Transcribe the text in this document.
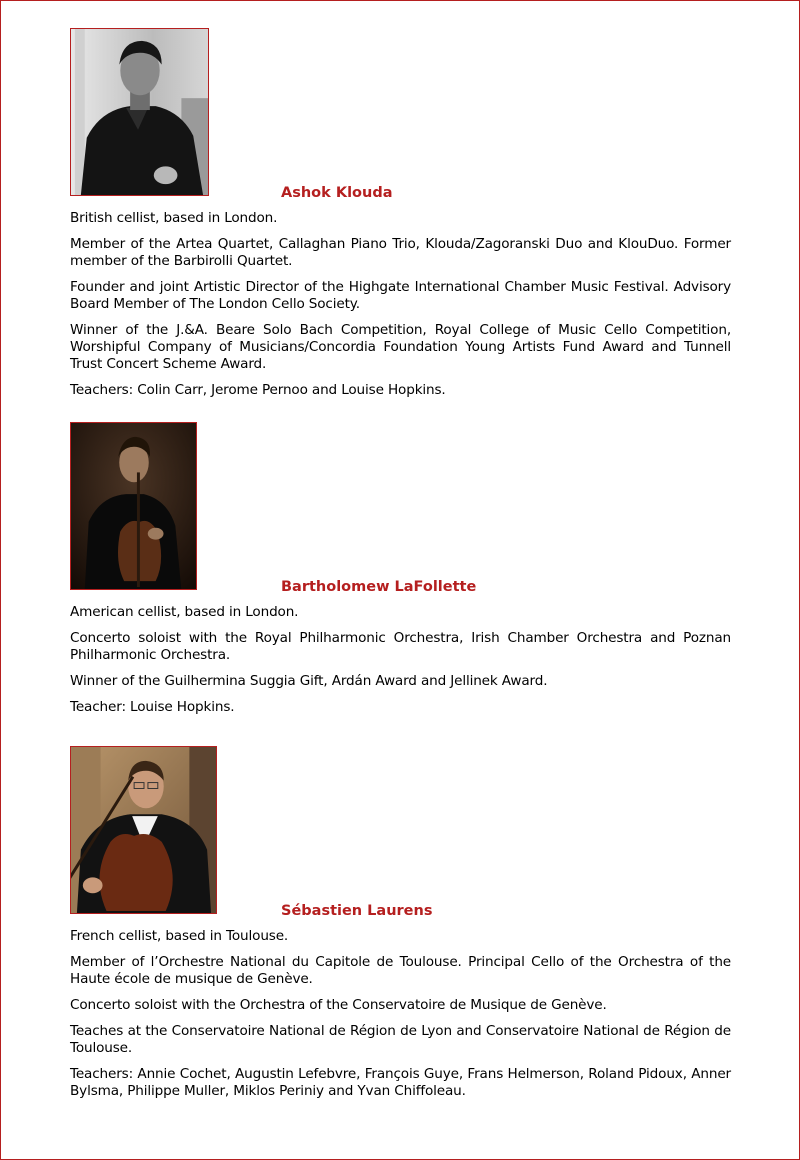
Ashok Klouda

British cellist, based in London.

Member of the Artea Quartet, Callaghan Piano Trio, Klouda/Zagoranski Duo and KlouDuo. Former member of the Barbirolli Quartet.

Founder and joint Artistic Director of the Highgate International Chamber Music Festival. Advisory Board Member of The London Cello Society.

Winner of the J.&A. Beare Solo Bach Competition, Royal College of Music Cello Competition, Worshipful Company of Musicians/Concordia Foundation Young Artists Fund Award and Tunnell Trust Concert Scheme Award.

Teachers: Colin Carr, Jerome Pernoo and Louise Hopkins.

Bartholomew LaFollette

American cellist, based in London.

Concerto soloist with the Royal Philharmonic Orchestra, Irish Chamber Orchestra and Poznan Philharmonic Orchestra.

Winner of the Guilhermina Suggia Gift, Ardán Award and Jellinek Award.

Teacher: Louise Hopkins.

Sébastien Laurens

French cellist, based in Toulouse.

Member of l’Orchestre National du Capitole de Toulouse. Principal Cello of the Orchestra of the Haute école de musique de Genève.

Concerto soloist with the Orchestra of the Conservatoire de Musique de Genève.

Teaches at the Conservatoire National de Région de Lyon and Conservatoire National de Région de Toulouse.

Teachers: Annie Cochet, Augustin Lefebvre, François Guye, Frans Helmerson, Roland Pidoux, Anner Bylsma, Philippe Muller, Miklos Periniy and Yvan Chiffoleau.
